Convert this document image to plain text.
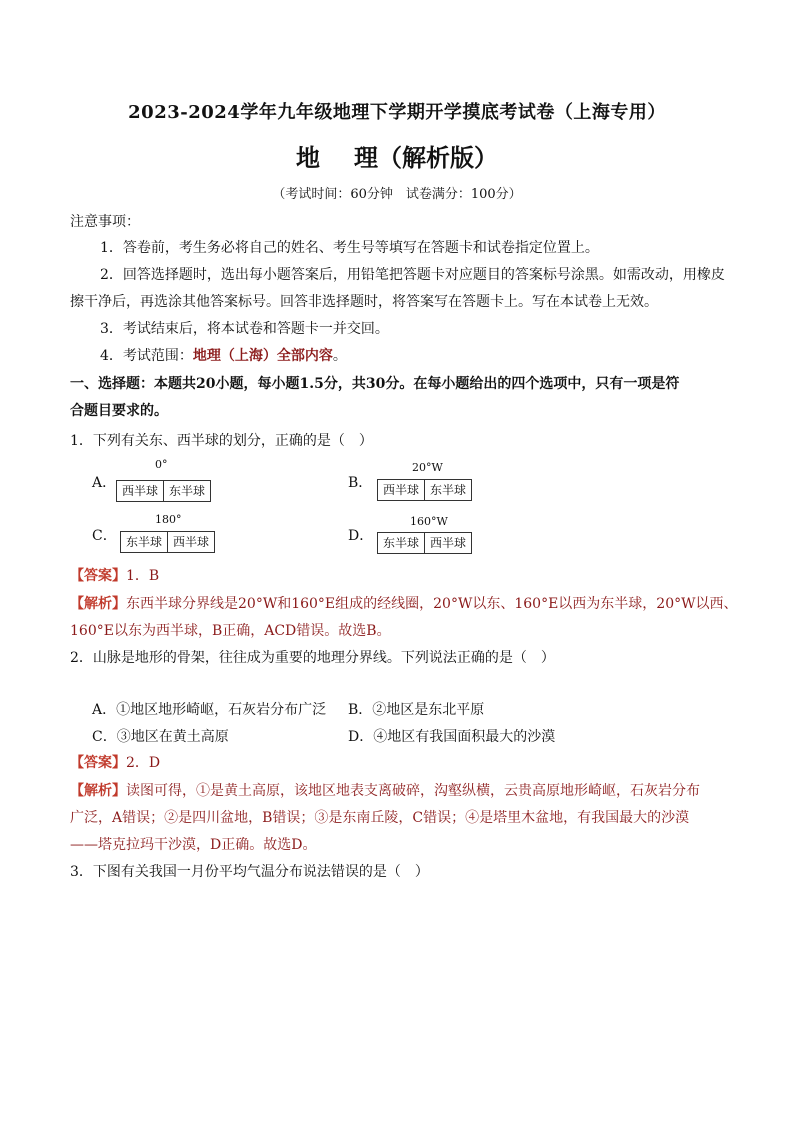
2023-2024学年九年级地理下学期开学摸底考试卷（上海专用）
地 理（解析版）
（考试时间：60分钟　试卷满分：100分）
注意事项：
1．答卷前，考生务必将自己的姓名、考生号等填写在答题卡和试卷指定位置上。
2．回答选择题时，选出每小题答案后，用铅笔把答题卡对应题目的答案标号涂黑。如需改动，用橡皮
擦干净后，再选涂其他答案标号。回答非选择题时，将答案写在答题卡上。写在本试卷上无效。
3．考试结束后，将本试卷和答题卡一并交回。
4．考试范围：地理（上海）全部内容。
一、选择题：本题共20小题，每小题1.5分，共30分。在每小题给出的四个选项中，只有一项是符
合题目要求的。
1．下列有关东、西半球的划分，正确的是（　）
A．
0°
西半球 东半球	B．
20°W
西半球 东半球
C．
180°
东半球 西半球	D．
160°W
东半球 西半球
【答案】1．B
【解析】东西半球分界线是20°W和160°E组成的经线圈，20°W以东、160°E以西为东半球，20°W以西、
160°E以东为西半球，B正确，ACD错误。故选B。
2．山脉是地形的骨架，往往成为重要的地理分界线。下列说法正确的是（　）
A．①地区地形崎岖，石灰岩分布广泛 B．②地区是东北平原
C．③地区在黄土高原	D．④地区有我国面积最大的沙漠
【答案】2．D
【解析】读图可得，①是黄土高原，该地区地表支离破碎，沟壑纵横，云贵高原地形崎岖，石灰岩分布
广泛，A错误；②是四川盆地，B错误；③是东南丘陵，C错误；④是塔里木盆地，有我国最大的沙漠
——塔克拉玛干沙漠，D正确。故选D。
3．下图有关我国一月份平均气温分布说法错误的是（　）
